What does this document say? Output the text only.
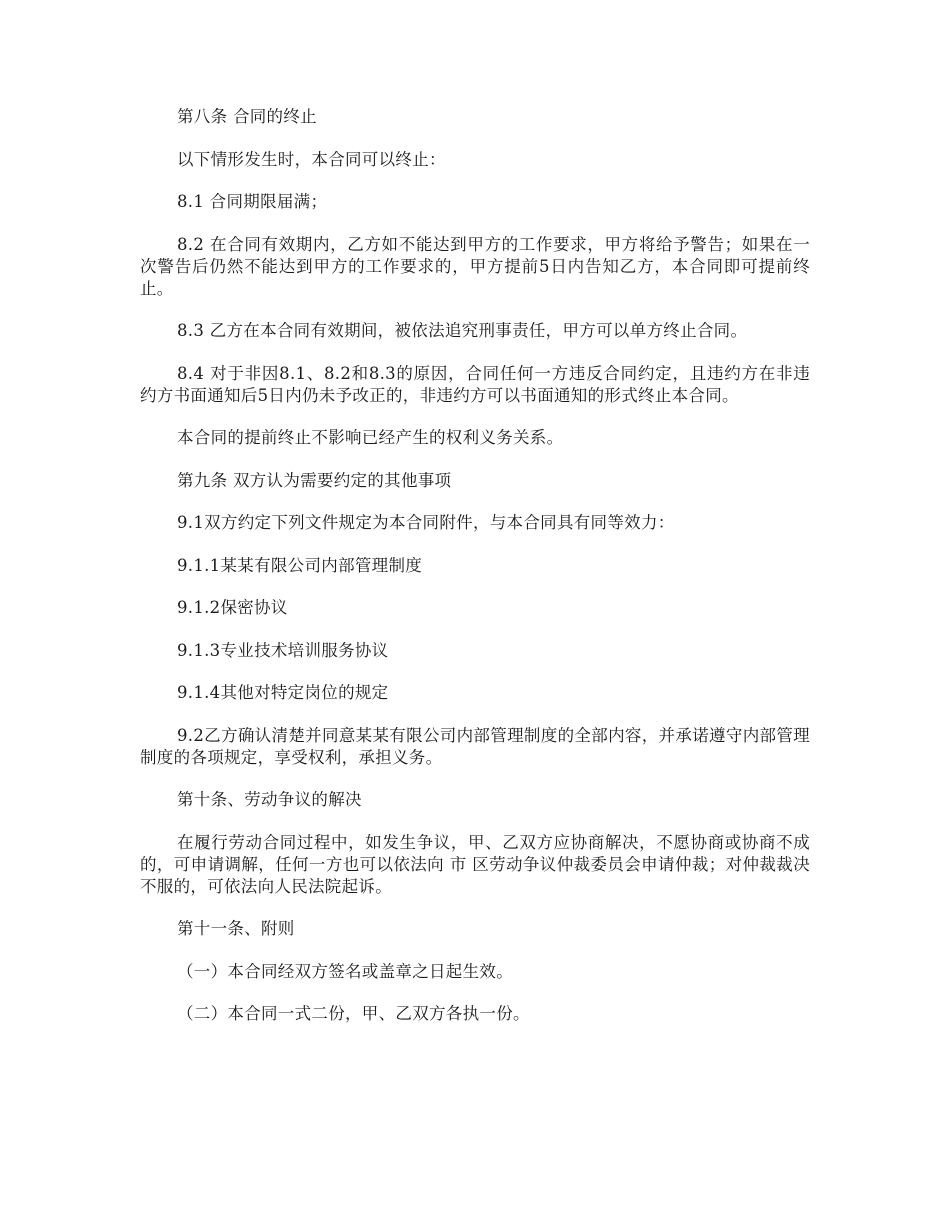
第八条 合同的终止

以下情形发生时，本合同可以终止：

8.1 合同期限届满；

8.2 在合同有效期内，乙方如不能达到甲方的工作要求，甲方将给予警告；如果在一次警告后仍然不能达到甲方的工作要求的，甲方提前5日内告知乙方，本合同即可提前终止。

8.3 乙方在本合同有效期间，被依法追究刑事责任，甲方可以单方终止合同。

8.4 对于非因8.1、8.2和8.3的原因，合同任何一方违反合同约定，且违约方在非违约方书面通知后5日内仍未予改正的，非违约方可以书面通知的形式终止本合同。

本合同的提前终止不影响已经产生的权利义务关系。

第九条 双方认为需要约定的其他事项

9.1双方约定下列文件规定为本合同附件，与本合同具有同等效力：

9.1.1某某有限公司内部管理制度

9.1.2保密协议

9.1.3专业技术培训服务协议

9.1.4其他对特定岗位的规定

9.2乙方确认清楚并同意某某有限公司内部管理制度的全部内容，并承诺遵守内部管理制度的各项规定，享受权利，承担义务。

第十条、劳动争议的解决

在履行劳动合同过程中，如发生争议，甲、乙双方应协商解决，不愿协商或协商不成的，可申请调解，任何一方也可以依法向 市 区劳动争议仲裁委员会申请仲裁；对仲裁裁决不服的，可依法向人民法院起诉。

第十一条、附则

（一）本合同经双方签名或盖章之日起生效。

（二）本合同一式二份，甲、乙双方各执一份。
